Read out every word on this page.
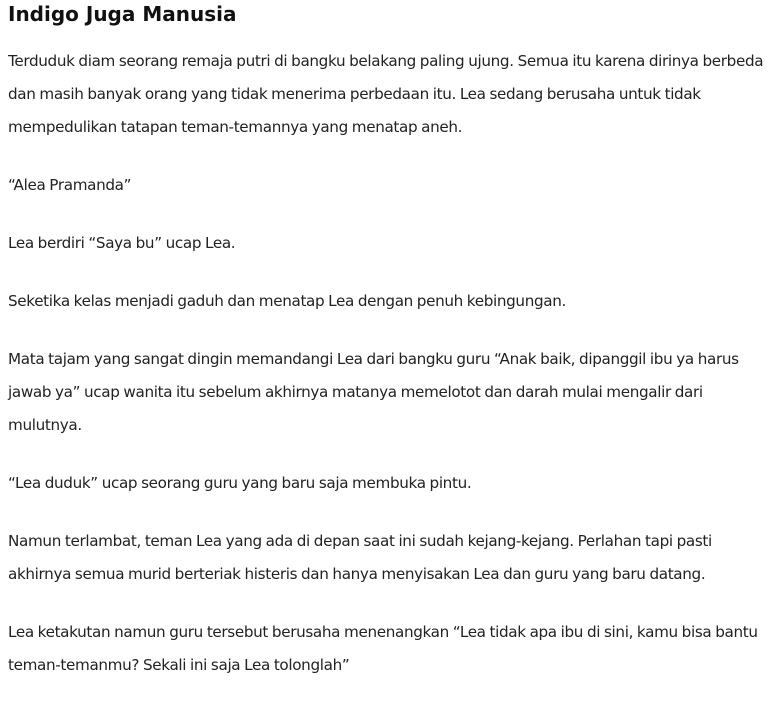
Indigo Juga Manusia

Terduduk diam seorang remaja putri di bangku belakang paling ujung. Semua itu karena dirinya berbeda dan masih banyak orang yang tidak menerima perbedaan itu. Lea sedang berusaha untuk tidak mempedulikan tatapan teman-temannya yang menatap aneh.

“Alea Pramanda”

Lea berdiri “Saya bu” ucap Lea.

Seketika kelas menjadi gaduh dan menatap Lea dengan penuh kebingungan.

Mata tajam yang sangat dingin memandangi Lea dari bangku guru “Anak baik, dipanggil ibu ya harus jawab ya” ucap wanita itu sebelum akhirnya matanya memelotot dan darah mulai mengalir dari mulutnya.

“Lea duduk” ucap seorang guru yang baru saja membuka pintu.

Namun terlambat, teman Lea yang ada di depan saat ini sudah kejang-kejang. Perlahan tapi pasti akhirnya semua murid berteriak histeris dan hanya menyisakan Lea dan guru yang baru datang.

Lea ketakutan namun guru tersebut berusaha menenangkan “Lea tidak apa ibu di sini, kamu bisa bantu teman-temanmu? Sekali ini saja Lea tolonglah”
